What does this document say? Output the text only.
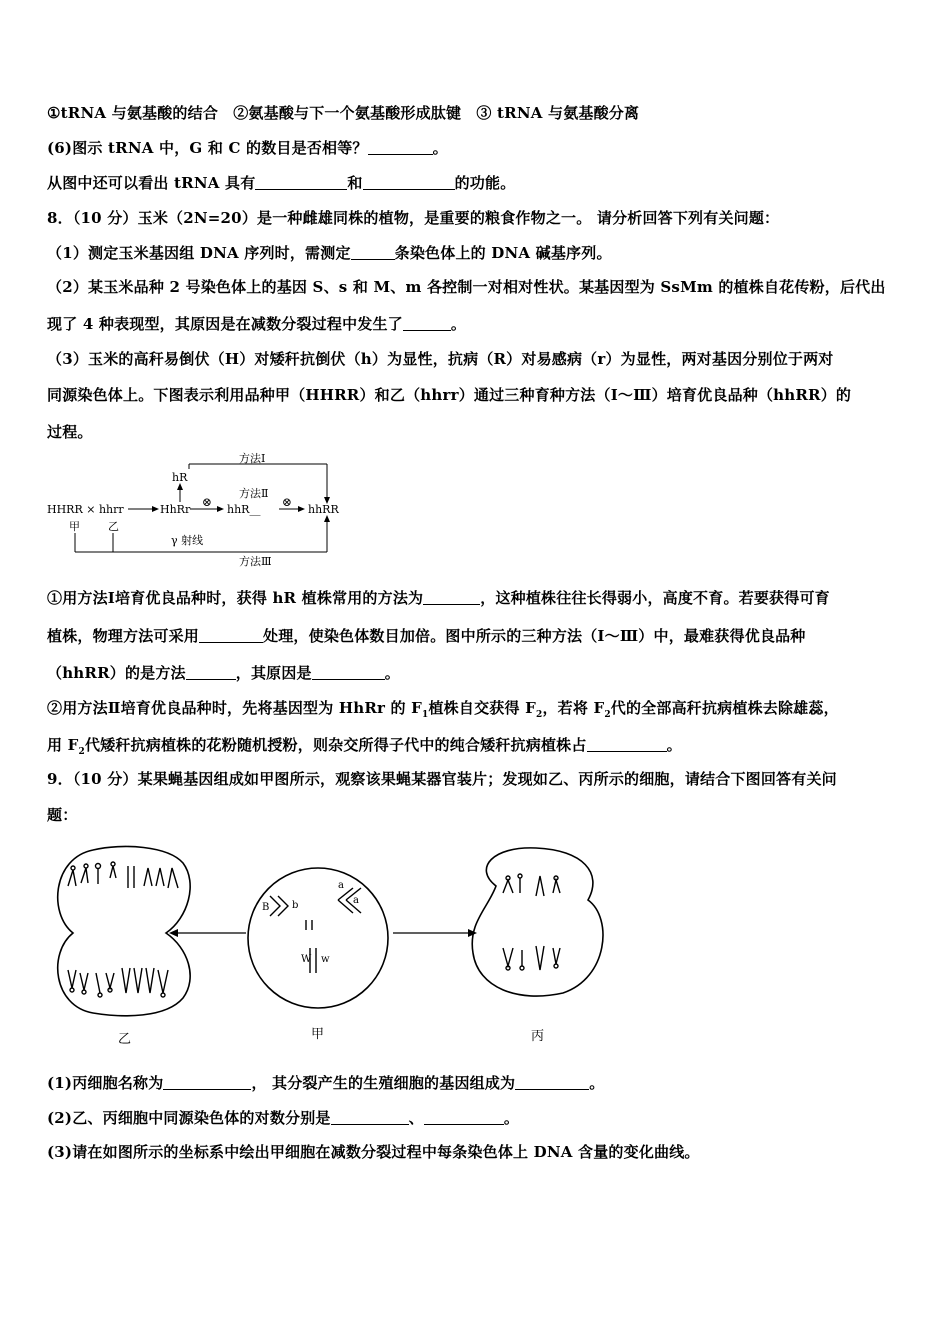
①tRNA 与氨基酸的结合　②氨基酸与下一个氨基酸形成肽键　③ tRNA 与氨基酸分离
(6)图示 tRNA 中，G 和 C 的数目是否相等？	。
从图中还可以看出 tRNA 具有	和	的功能。
8．（10 分）玉米（2N=20）是一种雌雄同株的植物，是重要的粮食作物之一。 请分析回答下列有关问题：
（1）测定玉米基因组 DNA 序列时，需测定	条染色体上的 DNA 碱基序列。
（2）某玉米品种 2 号染色体上的基因 S、s 和 M、m 各控制一对相对性状。某基因型为 SsMm 的植株自花传粉，后代出
现了 4 种表现型，其原因是在减数分裂过程中发生了	。
（3）玉米的高秆易倒伏（H）对矮秆抗倒伏（h）为显性，抗病（R）对易感病（r）为显性，两对基因分别位于两对
同源染色体上。下图表示利用品种甲（HHRR）和乙（hhrr）通过三种育种方法（Ⅰ～Ⅲ）培育优良品种（hhRR）的
过程。
方法Ⅰ
hR
方法Ⅱ
⊗	⊗
HHRR × hhrr	HhRr	hhR__	hhRR
甲	乙
γ 射线
方法Ⅲ
①用方法Ⅰ培育优良品种时，获得 hR 植株常用的方法为	，这种植株往往长得弱小，高度不育。若要获得可育
植株，物理方法可采用	处理，使染色体数目加倍。图中所示的三种方法（Ⅰ～Ⅲ）中，最难获得优良品种
（hhRR）的是方法	，其原因是	。
②用方法Ⅱ培育优良品种时，先将基因型为 HhRr 的 $F_1$植株自交获得 $F_2$，若将 $F_2$代的全部高秆抗病植株去除雄蕊，
用 $F_2$代矮秆抗病植株的花粉随机授粉，则杂交所得子代中的纯合矮秆抗病植株占	。
9．（10 分）某果蝇基因组成如甲图所示，观察该果蝇某器官装片；发现如乙、丙所示的细胞，请结合下图回答有关问
题：
B b
a
a
W w
乙	甲	丙
(1)丙细胞名称为	， 其分裂产生的生殖细胞的基因组成为	。
(2)乙、丙细胞中同源染色体的对数分别是	、	。
(3)请在如图所示的坐标系中绘出甲细胞在减数分裂过程中每条染色体上 DNA 含量的变化曲线。
